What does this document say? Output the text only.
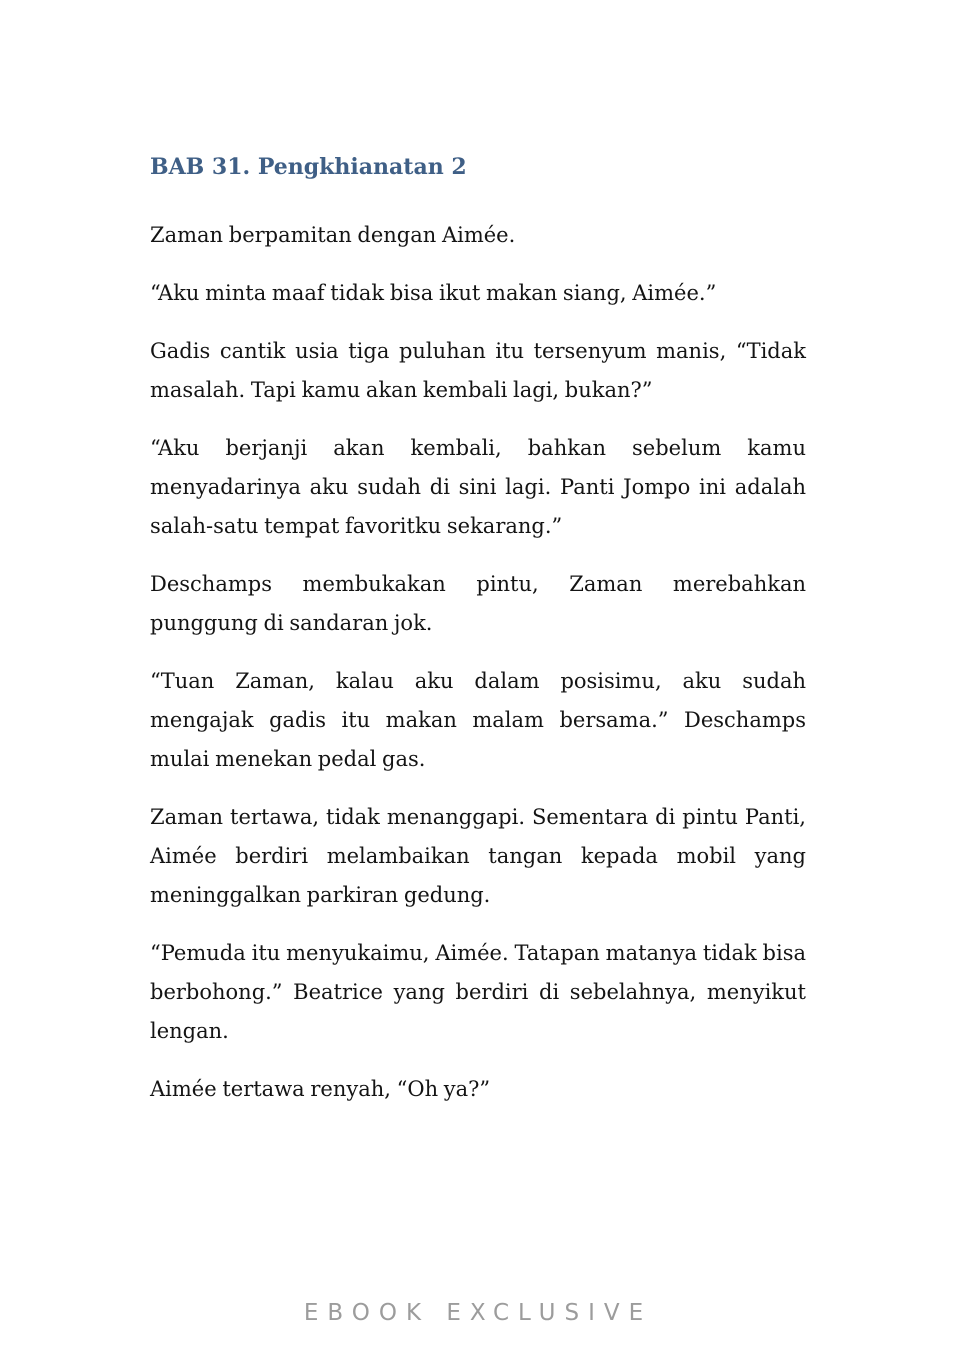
BAB 31. Pengkhianatan 2

Zaman berpamitan dengan Aimée.

“Aku minta maaf tidak bisa ikut makan siang, Aimée.”

Gadis cantik usia tiga puluhan itu tersenyum manis, “Tidak masalah. Tapi kamu akan kembali lagi, bukan?”

“Aku berjanji akan kembali, bahkan sebelum kamu menyadarinya aku sudah di sini lagi. Panti Jompo ini adalah salah-satu tempat favoritku sekarang.”

Deschamps membukakan pintu, Zaman merebahkan punggung di sandaran jok.

“Tuan Zaman, kalau aku dalam posisimu, aku sudah mengajak gadis itu makan malam bersama.” Deschamps mulai menekan pedal gas.

Zaman tertawa, tidak menanggapi. Sementara di pintu Panti, Aimée berdiri melambaikan tangan kepada mobil yang meninggalkan parkiran gedung.

“Pemuda itu menyukaimu, Aimée. Tatapan matanya tidak bisa berbohong.” Beatrice yang berdiri di sebelahnya, menyikut lengan.

Aimée tertawa renyah, “Oh ya?”

EBOOK EXCLUSIVE
